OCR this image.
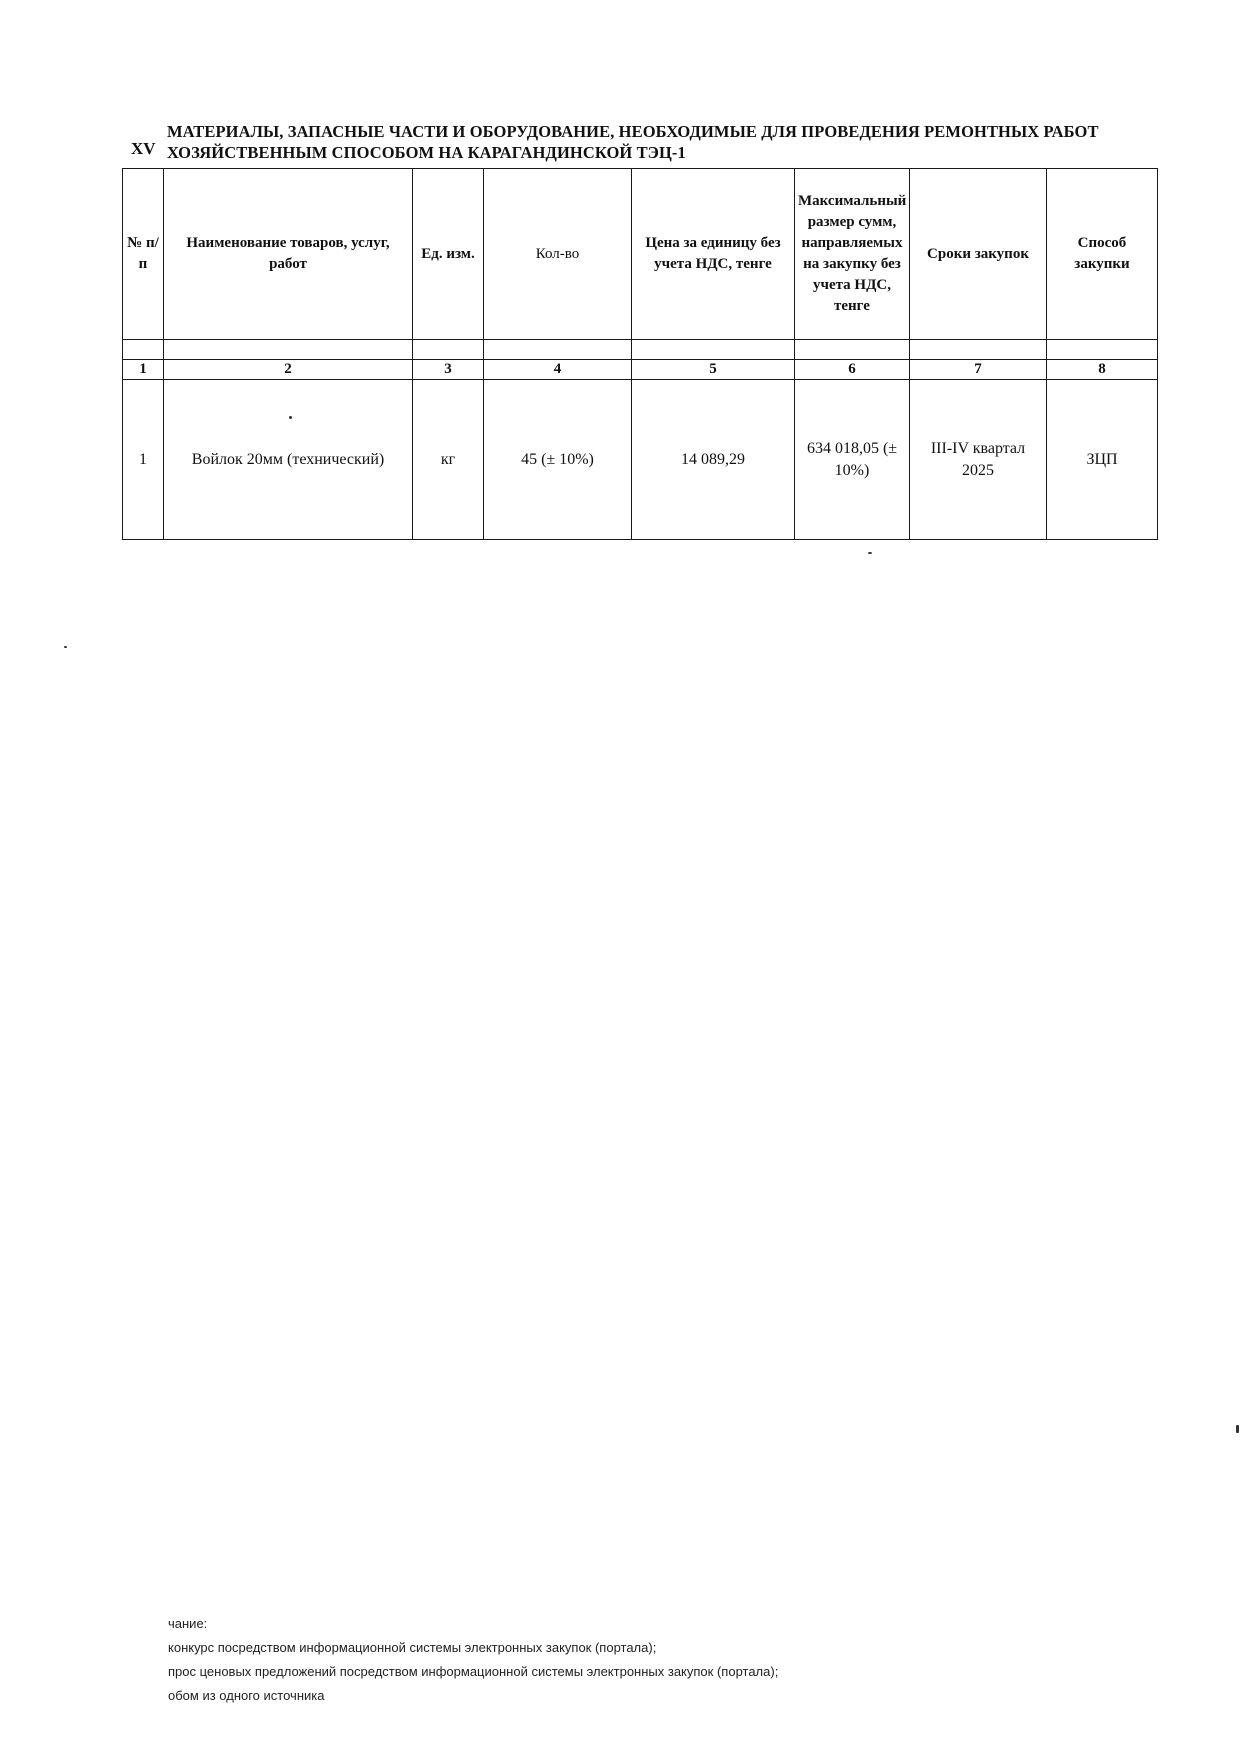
XV
МАТЕРИАЛЫ, ЗАПАСНЫЕ ЧАСТИ И ОБОРУДОВАНИЕ, НЕОБХОДИМЫЕ ДЛЯ ПРОВЕДЕНИЯ РЕМОНТНЫХ РАБОТ
ХОЗЯЙСТВЕННЫМ СПОСОБОМ НА КАРАГАНДИНСКОЙ ТЭЦ-1
№ п/п	Наименование товаров, услуг, работ	Ед. изм.	Кол-во	Цена за единицу без учета НДС, тенге	Максимальный размер сумм, направляемых на закупку без учета НДС, тенге	Сроки закупок	Способ закупки

1	2	3	4	5	6	7	8
1	Войлок 20мм (технический)	кг	45 (± 10%)	14 089,29	634 018,05 (± 10%)	III-IV квартал 2025	ЗЦП
чание:
конкурс посредством информационной системы электронных закупок (портала);
прос ценовых предложений посредством информационной системы электронных закупок (портала);
обом из одного источника
